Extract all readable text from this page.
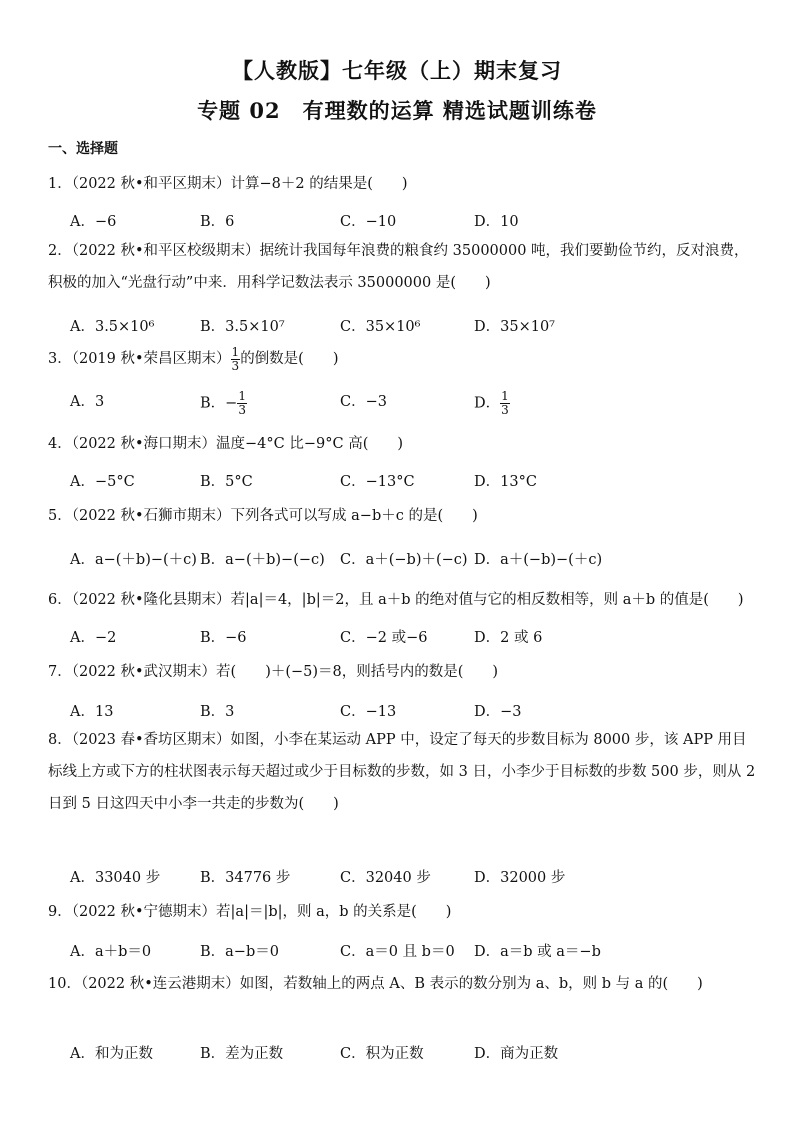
【人教版】七年级（上）期末复习
专题 02　有理数的运算 精选试题训练卷
一、选择题
1．（2022 秋•和平区期末）计算−8＋2 的结果是(　　)
A．−6	B．6	C．−10	D．10
2．（2022 秋•和平区校级期末）据统计我国每年浪费的粮食约 35000000 吨，我们要勤俭节约，反对浪费，积极的加入“光盘行动”中来．用科学记数法表示 35000000 是(　　)
A．3.5×10⁶	B．3.5×10⁷	C．35×10⁶	D．35×10⁷
3．（2019 秋•荣昌区期末） $\frac{1}{3}$ 的倒数是(　　)
A．3	B．− $\frac{1}{3}$	C．−3	D． $\frac{1}{3}$
4．（2022 秋•海口期末）温度−4°C 比−9°C 高(　　)
A．−5°C	B．5°C	C．−13°C	D．13°C
5．（2022 秋•石狮市期末）下列各式可以写成 a−b＋c 的是(　　)
A．a−(＋b)−(＋c) B．a−(＋b)−(−c) C．a＋(−b)＋(−c) D．a＋(−b)−(＋c)
6．（2022 秋•隆化县期末）若|a|＝4，|b|＝2，且 a＋b 的绝对值与它的相反数相等，则 a＋b 的值是(　　)
A．−2	B．−6	C．−2 或−6	D．2 或 6
7．（2022 秋•武汉期末）若(　　)＋(−5)＝8，则括号内的数是(　　)
A．13	B．3	C．−13	D．−3
8．（2023 春•香坊区期末）如图，小李在某运动 APP 中，设定了每天的步数目标为 8000 步，该 APP 用目标线上方或下方的柱状图表示每天超过或少于目标数的步数，如 3 日，小李少于目标数的步数 500 步，则从 2 日到 5 日这四天中小李一共走的步数为(　　)
A．33040 步	B．34776 步	C．32040 步	D．32000 步
9．（2022 秋•宁德期末）若|a|＝|b|，则 a，b 的关系是(　　)
A．a＋b＝0	B．a−b＝0	C．a＝0 且 b＝0 D．a＝b 或 a＝−b
10．（2022 秋•连云港期末）如图，若数轴上的两点 A、B 表示的数分别为 a、b，则 b 与 a 的(　　)
A．和为正数	B．差为正数	C．积为正数	D．商为正数
